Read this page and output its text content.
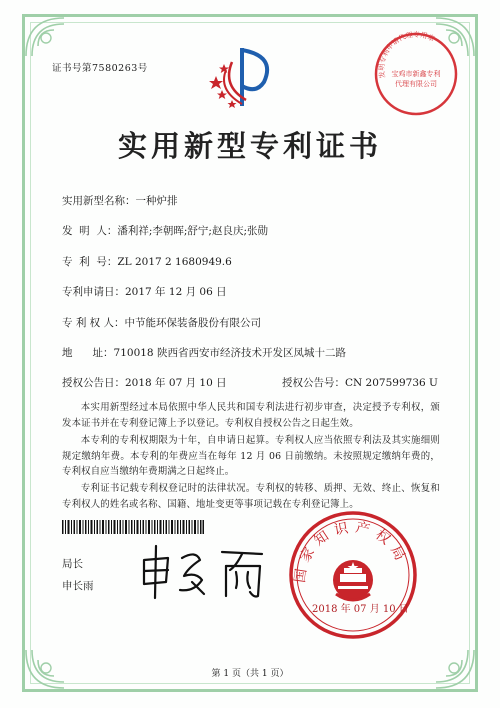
证书号第7580263号
发明专利申请代理专用章
宝鸡市新鑫专利
代理有限公司
实用新型专利证书
实用新型名称：一种炉排
发  明  人：潘利祥;李朝晖;舒宁;赵良庆;张勋
专  利  号：ZL 2017 2 1680949.6
专利申请日：2017 年 12 月 06 日
专 利 权 人：中节能环保装备股份有限公司
地      址：710018 陕西省西安市经济技术开发区凤城十二路
授权公告日：2018 年 07 月 10 日	授权公告号：CN 207599736 U
本实用新型经过本局依照中华人民共和国专利法进行初步审查，决定授予专利权，颁发本证书并在专利登记簿上予以登记。专利权自授权公告之日起生效。
本专利的专利权期限为十年，自申请日起算。专利权人应当依照专利法及其实施细则规定缴纳年费。本专利的年费应当在每年 12 月 06 日前缴纳。未按照规定缴纳年费的，专利权自应当缴纳年费期满之日起终止。
专利证书记载专利权登记时的法律状况。专利权的转移、质押、无效、终止、恢复和专利权人的姓名或名称、国籍、地址变更等事项记载在专利登记簿上。
局长
申长雨
国家知识产权局
2018 年 07 月 10 日
第 1 页（共 1 页）
